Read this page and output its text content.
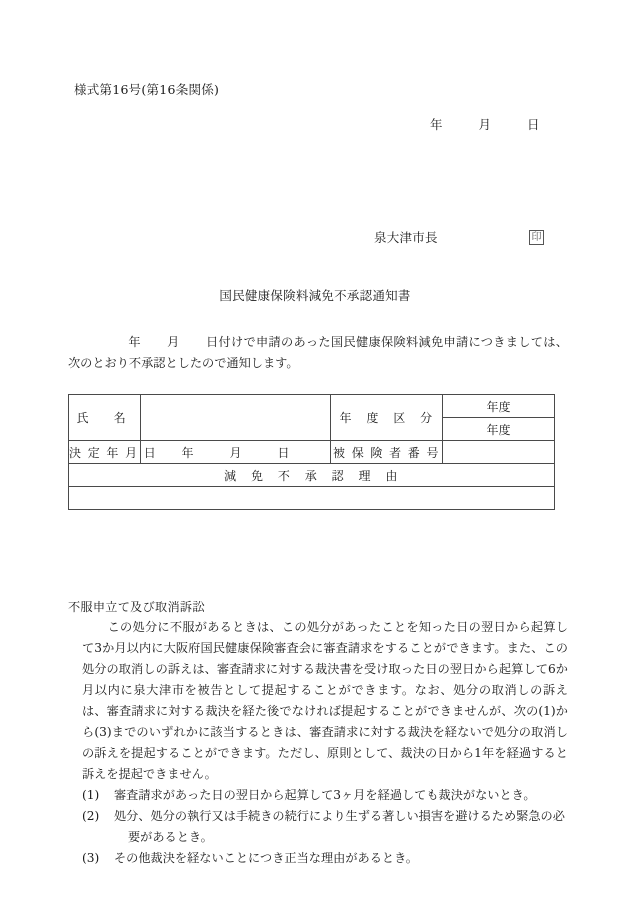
様式第16号(第16条関係)
年	月	日
泉大津市長	印
国民健康保険料減免不承認通知書
年 月 日付けで申請のあった国民健康保険料減免申請につきましては、次のとおり不承認としたので通知します。
氏　名		年　度　区　分	年度
			年度
決 定 年 月 日	年　　　月　　　日	被 保 険 者 番 号	
減　免　不　承　認　理　由			

不服申立て及び取消訴訟

この処分に不服があるときは、この処分があったことを知った日の翌日から起算して3か月以内に大阪府国民健康保険審査会に審査請求をすることができます。また、この処分の取消しの訴えは、審査請求に対する裁決書を受け取った日の翌日から起算して6か月以内に泉大津市を被告として提起することができます。なお、処分の取消しの訴えは、審査請求に対する裁決を経た後でなければ提起することができませんが、次の(1)から(3)までのいずれかに該当するときは、審査請求に対する裁決を経ないで処分の取消しの訴えを提起することができます。ただし、原則として、裁決の日から1年を経過すると訴えを提起できません。

(1)	審査請求があった日の翌日から起算して3ヶ月を経過しても裁決がないとき。
(2)	処分、処分の執行又は手続きの続行により生ずる著しい損害を避けるため緊急の必
要があるとき。
(3)	その他裁決を経ないことにつき正当な理由があるとき。
